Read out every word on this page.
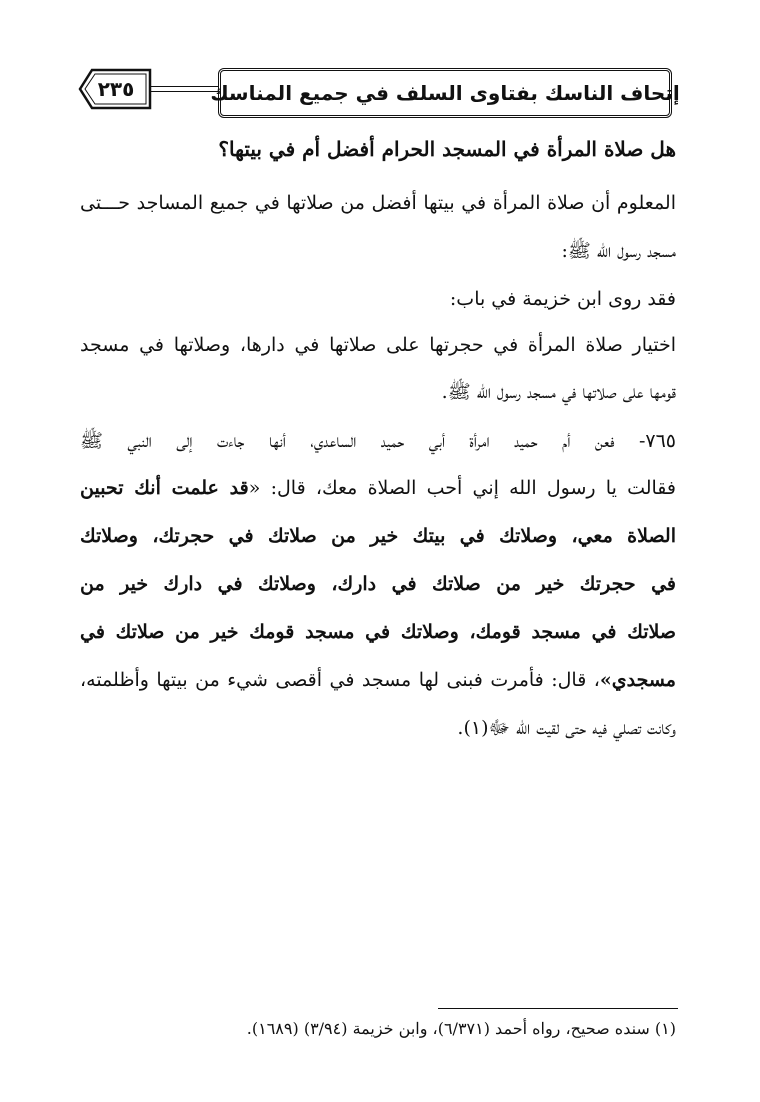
إتحاف الناسك بفتاوى السلف في جميع المناسك
٢٣٥
هل صلاة المرأة في المسجد الحرام أفضل أم في بيتها؟
المعلوم أن صلاة المرأة في بيتها أفضل من صلاتها في جميع المساجد حـــتى
مسجد رسول الله ﷺ:
فقد روى ابن خزيمة في باب:
اختيار صلاة المرأة في حجرتها على صلاتها في دارها، وصلاتها في مسجد
قومها على صلاتها في مسجد رسول الله ﷺ.
٧٦٥- فعن أم حميد امرأة أبي حميد الساعدي، أنها جاءت إلى النبي ﷺ
فقالت يا رسول الله إني أحب الصلاة معك، قال: «قد علمت أنك تحبين
الصلاة معي، وصلاتك في بيتك خير من صلاتك في حجرتك، وصلاتك
في حجرتك خير من صلاتك في دارك، وصلاتك في دارك خير من
صلاتك في مسجد قومك، وصلاتك في مسجد قومك خير من صلاتك في
مسجدي»، قال: فأمرت فبنى لها مسجد في أقصى شيء من بيتها وأظلمته،
وكانت تصلي فيه حتى لقيت الله ﷻ(١).
(١) سنده صحيح، رواه أحمد (٦/٣٧١)، وابن خزيمة (٣/٩٤) (١٦٨٩).
